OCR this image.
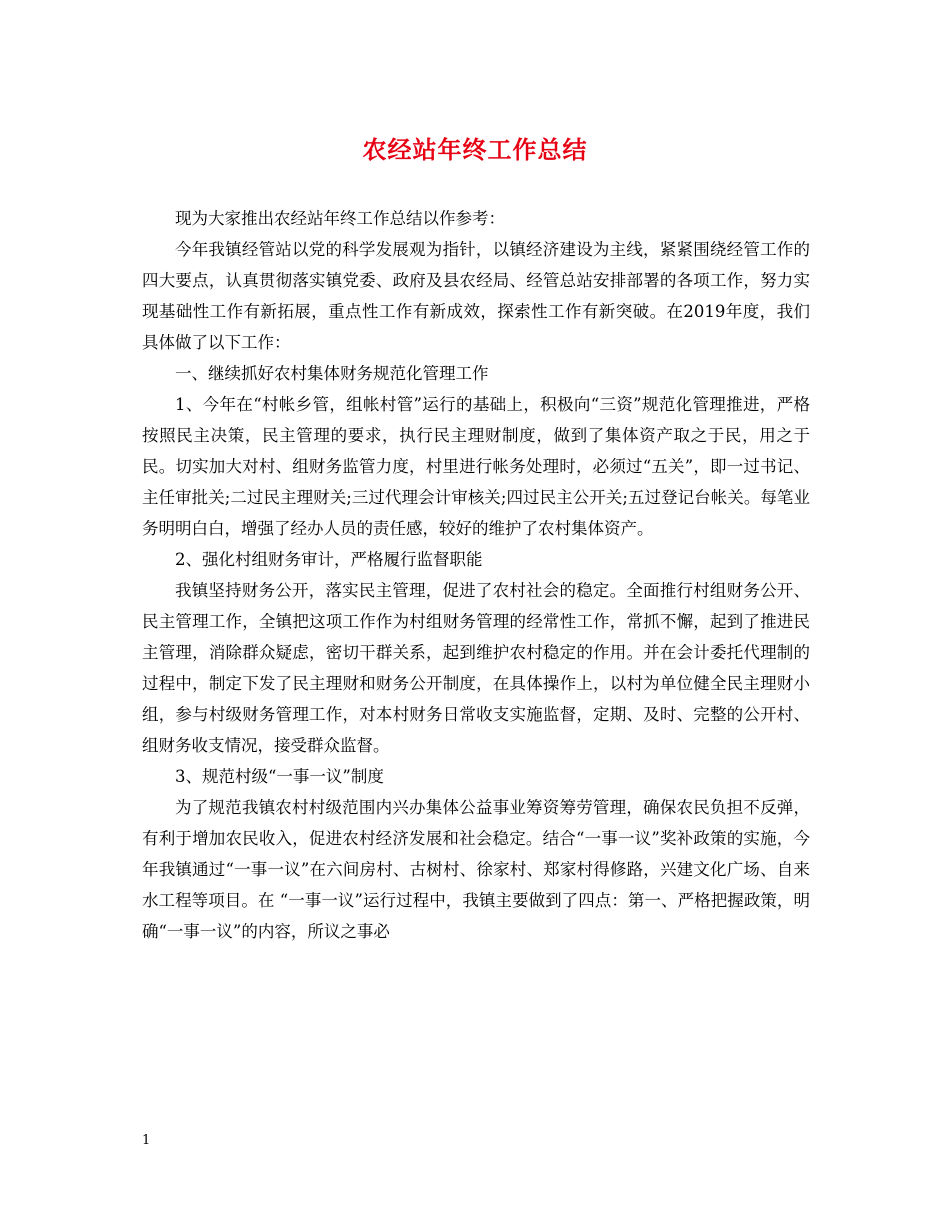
农经站年终工作总结

现为大家推出农经站年终工作总结以作参考：

今年我镇经管站以党的科学发展观为指针，以镇经济建设为主线，紧紧围绕经管工作的四大要点，认真贯彻落实镇党委、政府及县农经局、经管总站安排部署的各项工作，努力实现基础性工作有新拓展，重点性工作有新成效，探索性工作有新突破。在2019年度，我们具体做了以下工作：

一、继续抓好农村集体财务规范化管理工作

1、今年在“村帐乡管，组帐村管”运行的基础上，积极向“三资”规范化管理推进，严格按照民主决策，民主管理的要求，执行民主理财制度，做到了集体资产取之于民，用之于民。切实加大对村、组财务监管力度，村里进行帐务处理时，必须过“五关”，即一过书记、主任审批关;二过民主理财关;三过代理会计审核关;四过民主公开关;五过登记台帐关。每笔业务明明白白，增强了经办人员的责任感，较好的维护了农村集体资产。

2、强化村组财务审计，严格履行监督职能

我镇坚持财务公开，落实民主管理，促进了农村社会的稳定。全面推行村组财务公开、民主管理工作，全镇把这项工作作为村组财务管理的经常性工作，常抓不懈，起到了推进民主管理，消除群众疑虑，密切干群关系，起到维护农村稳定的作用。并在会计委托代理制的过程中，制定下发了民主理财和财务公开制度，在具体操作上，以村为单位健全民主理财小组，参与村级财务管理工作，对本村财务日常收支实施监督，定期、及时、完整的公开村、组财务收支情况，接受群众监督。

3、规范村级“一事一议”制度

为了规范我镇农村村级范围内兴办集体公益事业筹资筹劳管理，确保农民负担不反弹，有利于增加农民收入，促进农村经济发展和社会稳定。结合“一事一议”奖补政策的实施，今年我镇通过“一事一议”在六间房村、古树村、徐家村、郑家村得修路，兴建文化广场、自来水工程等项目。在 “一事一议”运行过程中，我镇主要做到了四点：第一、严格把握政策，明确“一事一议”的内容，所议之事必

1
